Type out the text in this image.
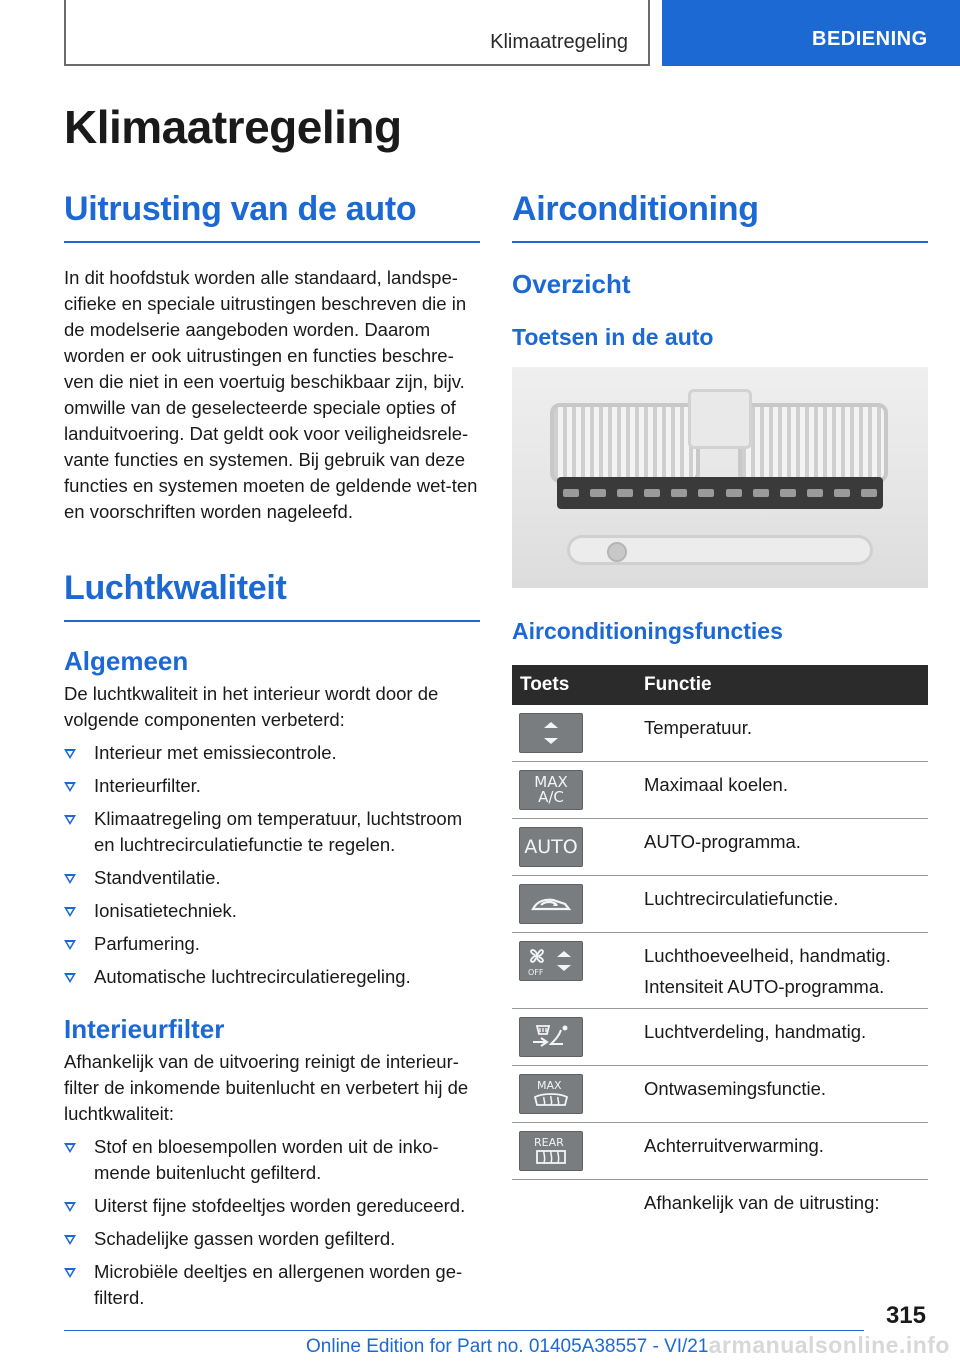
Klimaatregeling	BEDIENING
Klimaatregeling
Uitrusting van de auto

In dit hoofdstuk worden alle standaard, landspe-cifieke en speciale uitrustingen beschreven die in de modelserie aangeboden worden. Daarom worden er ook uitrustingen en functies beschre-ven die niet in een voertuig beschikbaar zijn, bijv. omwille van de geselecteerde speciale opties of landuitvoering. Dat geldt ook voor veiligheidsrele-vante functies en systemen. Bij gebruik van deze functies en systemen moeten de geldende wet-ten en voorschriften worden nageleefd.

Luchtkwaliteit
Algemeen

De luchtkwaliteit in het interieur wordt door de volgende componenten verbeterd:

Interieur met emissiecontrole.
Interieurfilter.
Klimaatregeling om temperatuur, luchtstroom en luchtrecirculatiefunctie te regelen.
Standventilatie.
Ionisatietechniek.
Parfumering.
Automatische luchtrecirculatieregeling.
Interieurfilter

Afhankelijk van de uitvoering reinigt de interieur-filter de inkomende buitenlucht en verbetert hij de luchtkwaliteit:

Stof en bloesempollen worden uit de inko-mende buitenlucht gefilterd.
Uiterst fijne stofdeeltjes worden gereduceerd.
Schadelijke gassen worden gefilterd.
Microbiële deeltjes en allergenen worden ge-filterd.
Airconditioning
Overzicht
Toetsen in de auto
Airconditioningsfuncties
Toets	Functie

	Temperatuur.

MAX
A/C	Maximaal koelen.

AUTO	AUTO-programma.

	Luchtrecirculatiefunctie.

OFF	Luchthoeveelheid, handmatig.
Intensiteit AUTO-programma.

	Luchtverdeling, handmatig.

MAX	Ontwasemingsfunctie.

REAR	Achterruitverwarming.
	Afhankelijk van de uitrusting:
315
Online Edition for Part no. 01405A38557 - VI/21 armanualsonline.info
